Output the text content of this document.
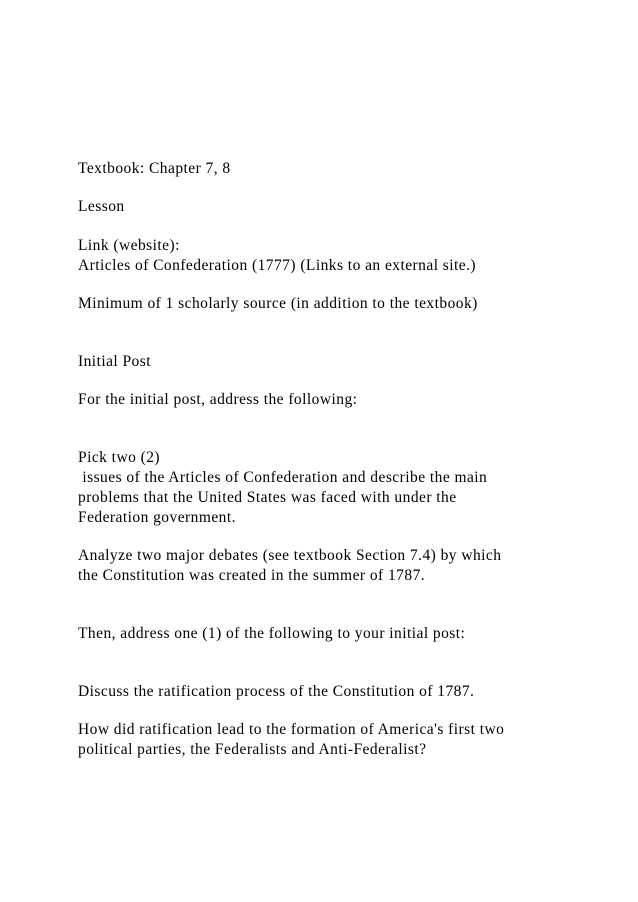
Textbook: Chapter 7, 8

Lesson

Link (website):

Articles of Confederation (1777) (Links to an external site.)

Minimum of 1 scholarly source (in addition to the textbook)

Initial Post

For the initial post, address the following:

Pick two (2)

issues of the Articles of Confederation and describe the main

problems that the United States was faced with under the

Federation government.

Analyze two major debates (see textbook Section 7.4) by which

the Constitution was created in the summer of 1787.

Then, address one (1) of the following to your initial post:

Discuss the ratification process of the Constitution of 1787.

How did ratification lead to the formation of America's first two

political parties, the Federalists and Anti-Federalist?
